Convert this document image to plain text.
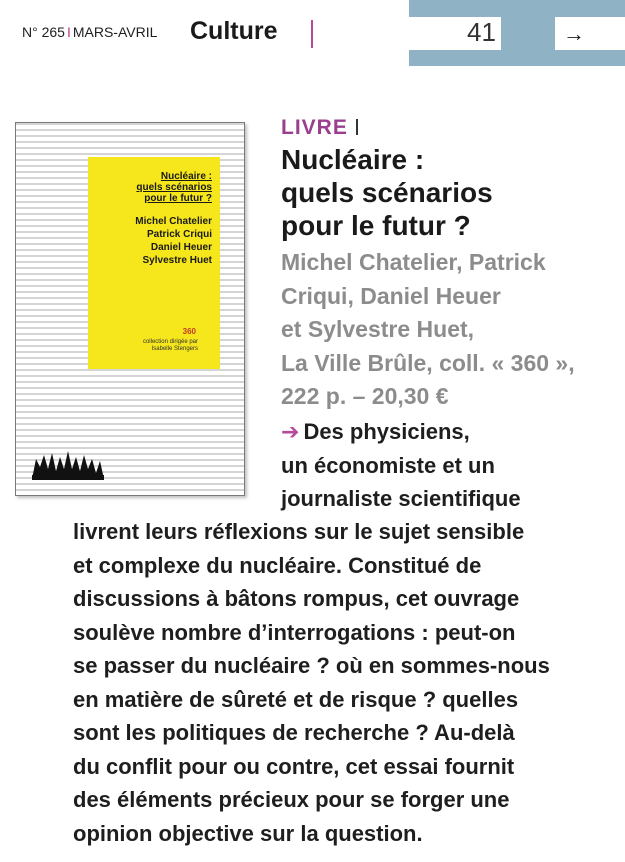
N° 265 I MARS-AVRIL Culture	41	→
Nucléaire :
quels scénarios
pour le futur ?
Michel Chatelier
Patrick Criqui
Daniel Heuer
Sylvestre Huet
360
collection dirigée par
Isabelle Stengers
LIVRE
Nucléaire :
quels scénarios
pour le futur ?
Michel Chatelier, Patrick
Criqui, Daniel Heuer
et Sylvestre Huet,
La Ville Brûle, coll. « 360 »,
222 p. – 20,30 €
➔ Des physiciens,
un économiste et un
journaliste scientifique
livrent leurs réflexions sur le sujet sensible
et complexe du nucléaire. Constitué de
discussions à bâtons rompus, cet ouvrage
soulève nombre d’interrogations : peut-on
se passer du nucléaire ? où en sommes-nous
en matière de sûreté et de risque ? quelles
sont les politiques de recherche ? Au-delà
du conflit pour ou contre, cet essai fournit
des éléments précieux pour se forger une
opinion objective sur la question.
